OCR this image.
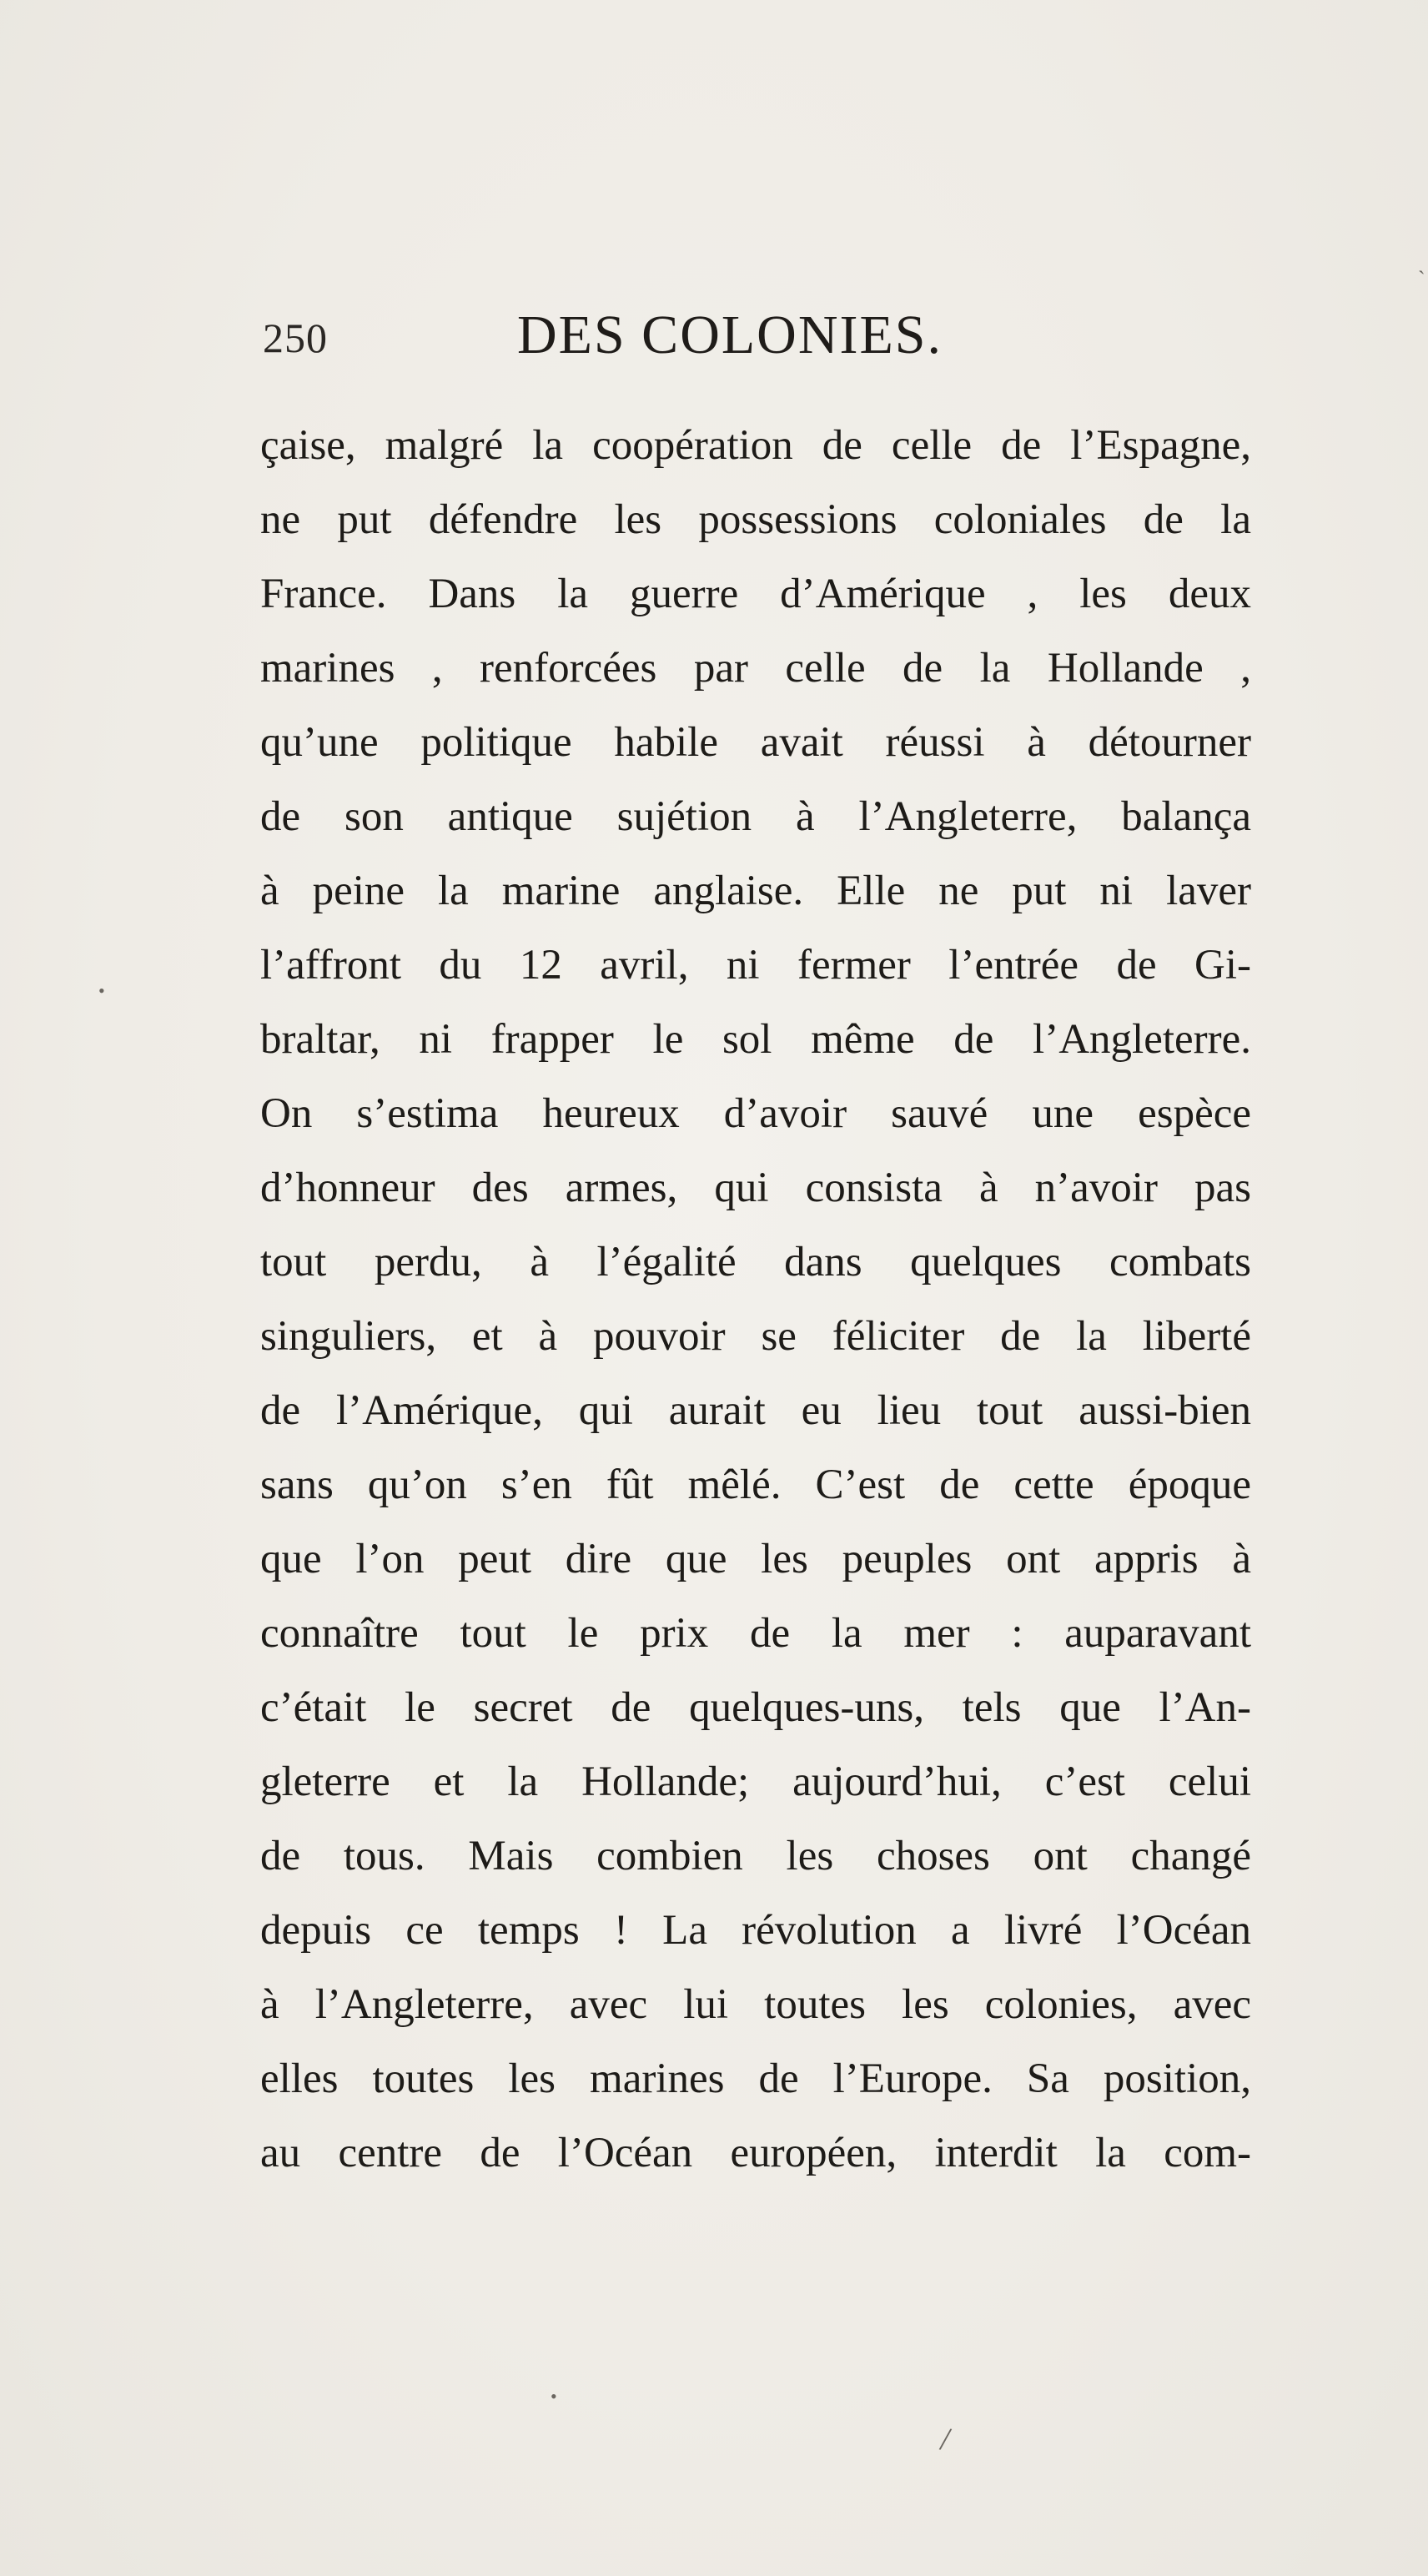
250	DES COLONIES.
çaise, malgré la coopération de celle de l’Espagne,
ne put défendre les possessions coloniales de la
France. Dans la guerre d’Amérique , les deux
marines , renforcées par celle de la Hollande ,
qu’une politique habile avait réussi à détourner
de son antique sujétion à l’Angleterre, balança
à peine la marine anglaise. Elle ne put ni laver
l’affront du 12 avril, ni fermer l’entrée de Gi-
braltar, ni frapper le sol même de l’Angleterre.
On s’estima heureux d’avoir sauvé une espèce
d’honneur des armes, qui consista à n’avoir pas
tout perdu, à l’égalité dans quelques combats
singuliers, et à pouvoir se féliciter de la liberté
de l’Amérique, qui aurait eu lieu tout aussi-bien
sans qu’on s’en fût mêlé. C’est de cette époque
que l’on peut dire que les peuples ont appris à
connaître tout le prix de la mer : auparavant
c’était le secret de quelques-uns, tels que l’An-
gleterre et la Hollande; aujourd’hui, c’est celui
de tous. Mais combien les choses ont changé
depuis ce temps ! La révolution a livré l’Océan
à l’Angleterre, avec lui toutes les colonies, avec
elles toutes les marines de l’Europe. Sa position,
au centre de l’Océan européen, interdit la com-
•
•
/
ˋ
